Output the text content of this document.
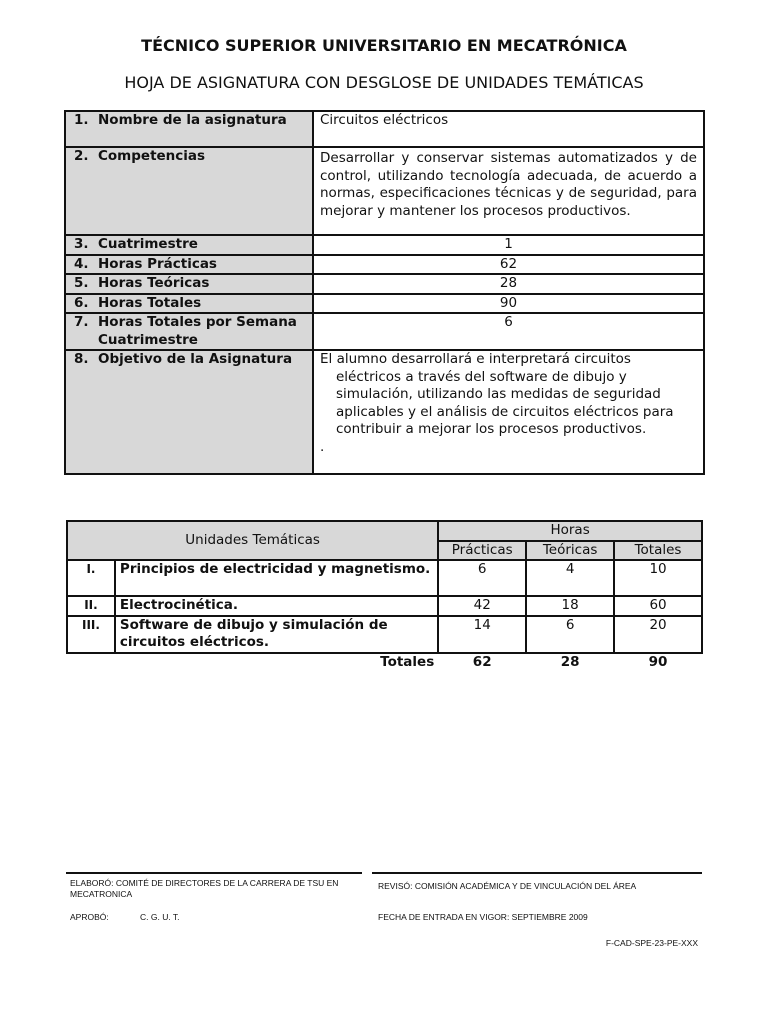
TÉCNICO SUPERIOR UNIVERSITARIO EN MECATRÓNICA
HOJA DE ASIGNATURA CON DESGLOSE DE UNIDADES TEMÁTICAS
1. Nombre de la asignatura	Circuitos eléctricos
2. Competencias	Desarrollar y conservar sistemas automatizados y de control, utilizando tecnología adecuada, de acuerdo a normas, especificaciones técnicas y de seguridad, para mejorar y mantener los procesos productivos.
3. Cuatrimestre	1
4. Horas Prácticas	62
5. Horas Teóricas	28
6. Horas Totales	90
7. Horas Totales por Semana Cuatrimestre	6
8. Objetivo de la Asignatura	El alumno desarrollará e interpretará circuitos
eléctricos a través del software de dibujo y simulación, utilizando las medidas de seguridad aplicables y el análisis de circuitos eléctricos para contribuir a mejorar los procesos productivos.
.
Unidades Temáticas		Horas		
		Prácticas	Teóricas	Totales
I.	Principios de electricidad y magnetismo.	6	4	10
II.	Electrocinética.	42	18	60
III.	Software de dibujo y simulación de circuitos eléctricos.	14	6	20
Totales		62	28	90
ELABORÓ: COMITÉ DE DIRECTORES DE LA CARRERA DE TSU EN MECATRONICA
APROBÓ:	C. G. U. T.
REVISÓ: COMISIÓN ACADÉMICA Y DE VINCULACIÓN DEL ÁREA
FECHA DE ENTRADA EN VIGOR: SEPTIEMBRE 2009
F-CAD-SPE-23-PE-XXX
